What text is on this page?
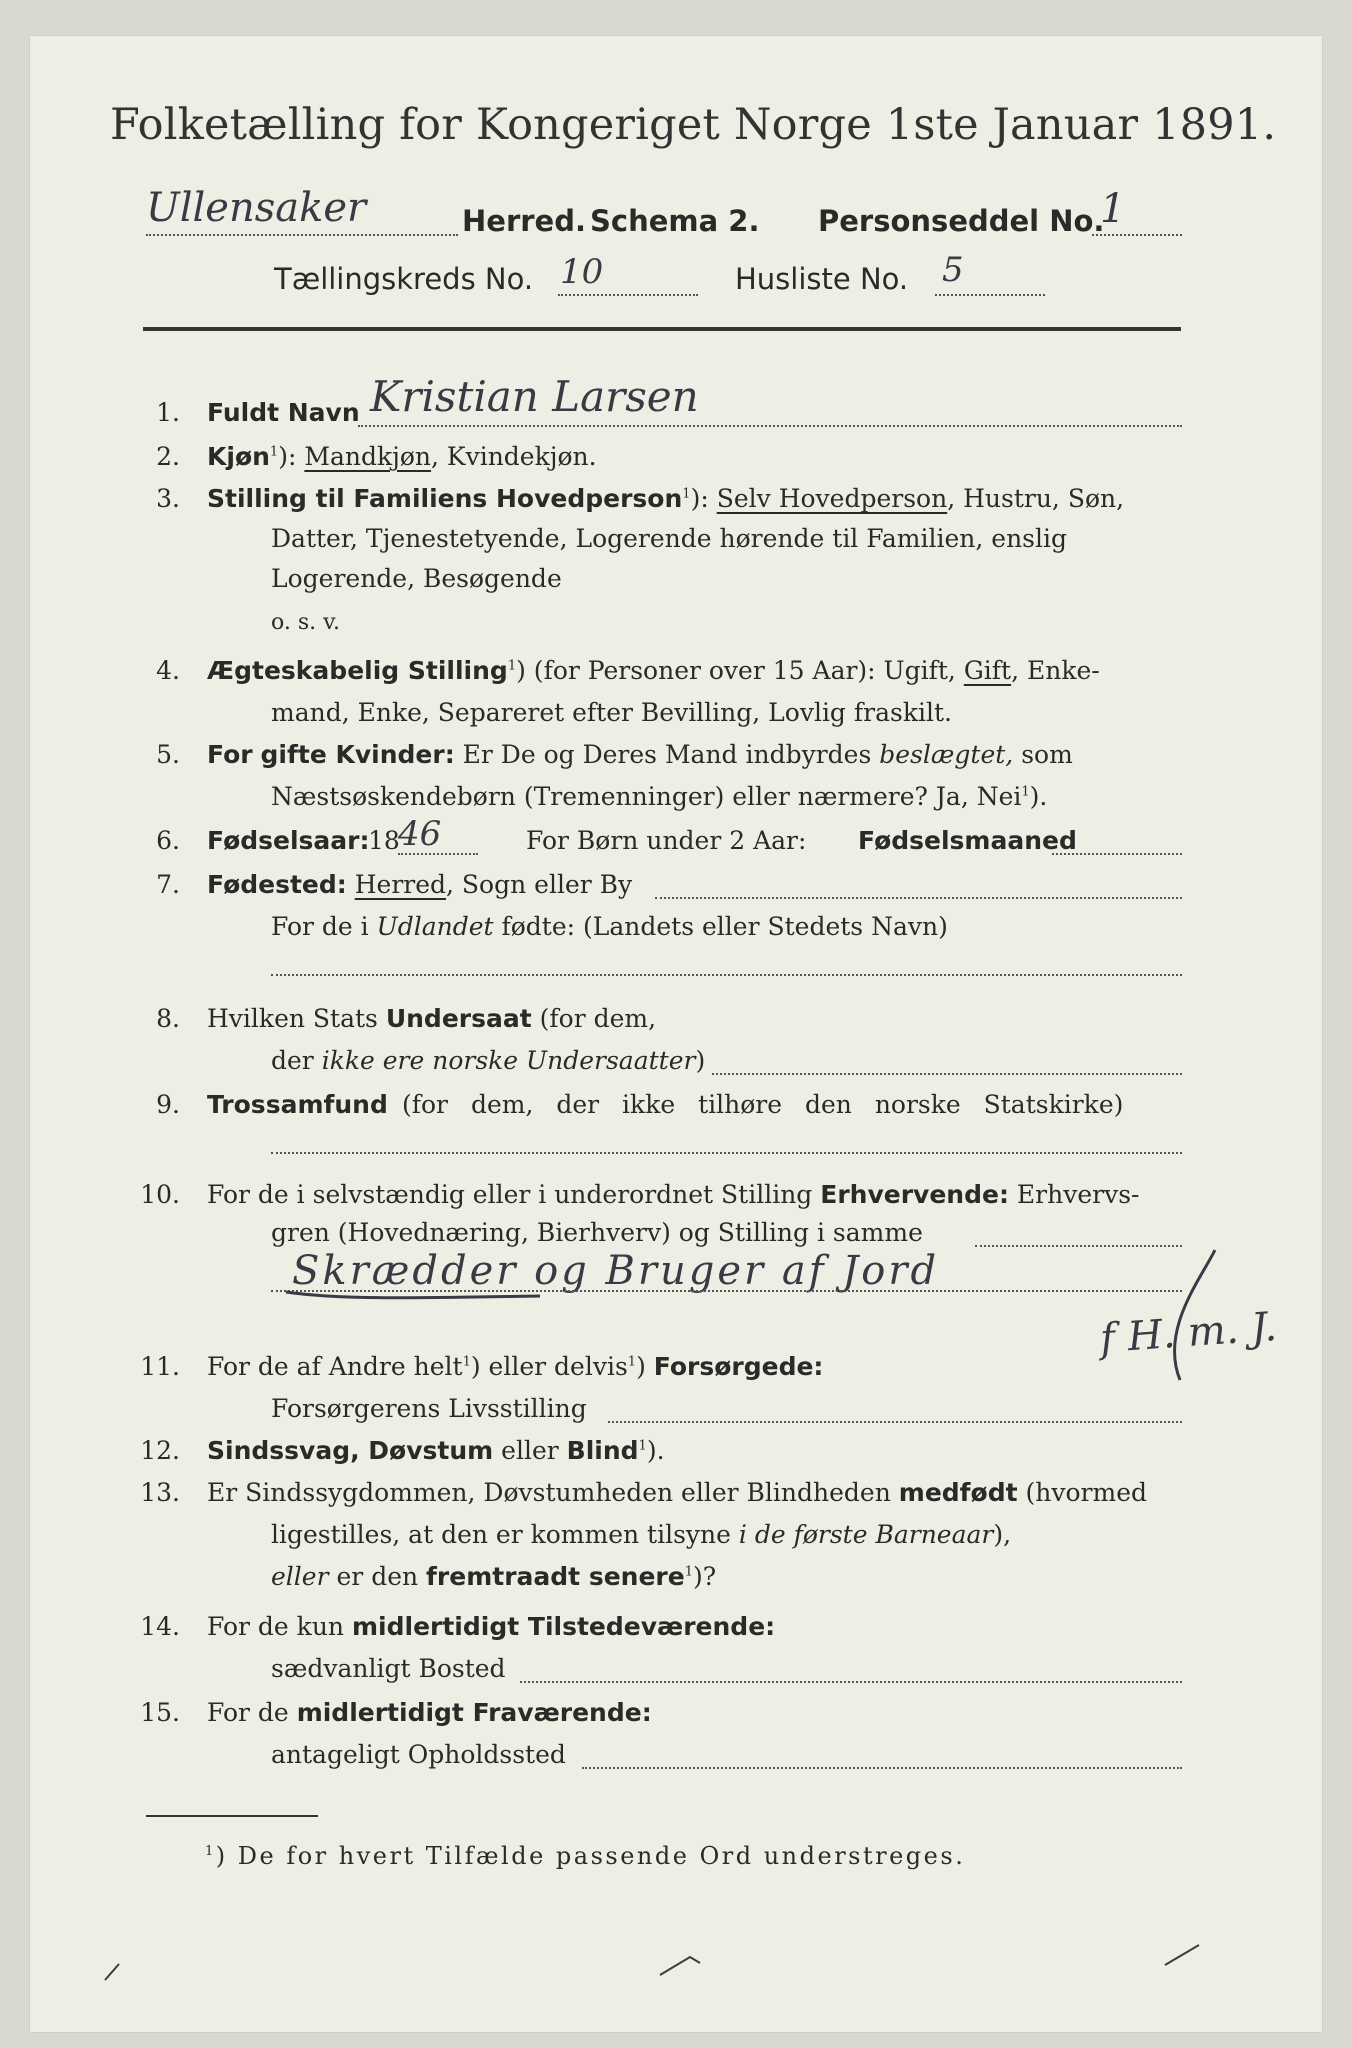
Folketælling for Kongeriget Norge 1ste Januar 1891.
Ullensaker	Herred. Schema 2. Personseddel No.
1
Tællingskreds No. 10	Husliste No. 5
1. Fuldt Navn Kristian Larsen
2. Kjøn$^1$): Mandkjøn, Kvindekjøn.
3. Stilling til Familiens Hovedperson$^1$): Selv Hovedperson, Hustru, Søn,
Datter, Tjenestetyende, Logerende hørende til Familien, enslig
Logerende, Besøgende
o. s. v.
4. Ægteskabelig Stilling$^1$) (for Personer over 15 Aar): Ugift, Gift, Enke-
mand, Enke, Separeret efter Bevilling, Lovlig fraskilt.
5. For gifte Kvinder: Er De og Deres Mand indbyrdes beslægtet, som
Næstsøskendebørn (Tremenninger) eller nærmere? Ja, Nei$^1$).
6. Fødselsaar:
18
46	For Børn under 2 Aar: Fødselsmaaned
7. Fødested: Herred, Sogn eller By
For de i Udlandet fødte: (Landets eller Stedets Navn)
8. Hvilken Stats Undersaat (for dem,
der ikke ere norske Undersaatter)
9. Trossamfund (for dem, der ikke tilhøre den norske Statskirke)
10. For de i selvstændig eller i underordnet Stilling Erhvervende: Erhvervs-
gren (Hovednæring, Bierhverv) og Stilling i samme
Skrædder og Bruger af Jord
f H. m. J.
11. For de af Andre helt$^1$) eller delvis$^1$) Forsørgede:
Forsørgerens Livsstilling
12. Sindssvag, Døvstum eller Blind$^1$).
13. Er Sindssygdommen, Døvstumheden eller Blindheden medfødt (hvormed
ligestilles, at den er kommen tilsyne i de første Barneaar),
eller er den fremtraadt senere$^1$)?
14. For de kun midlertidigt Tilstedeværende:
sædvanligt Bosted
15. For de midlertidigt Fraværende:
antageligt Opholdssted
$^1$) De for hvert Tilfælde passende Ord understreges.
